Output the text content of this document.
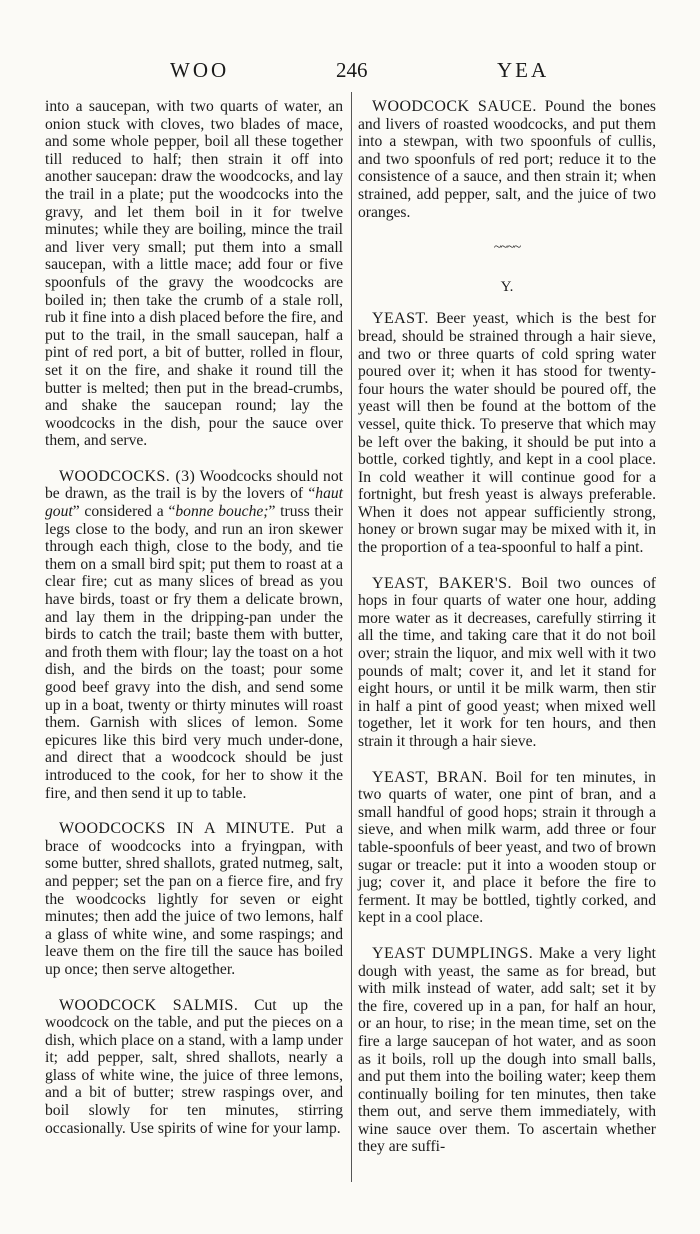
WOO	246	YEA

into a saucepan, with two quarts of water, an onion stuck with cloves, two blades of mace, and some whole pepper, boil all these together till reduced to half; then strain it off into another saucepan: draw the woodcocks, and lay the trail in a plate; put the woodcocks into the gravy, and let them boil in it for twelve minutes; while they are boiling, mince the trail and liver very small; put them into a small saucepan, with a little mace; add four or five spoonfuls of the gravy the woodcocks are boiled in; then take the crumb of a stale roll, rub it fine into a dish placed before the fire, and put to the trail, in the small saucepan, half a pint of red port, a bit of butter, rolled in flour, set it on the fire, and shake it round till the butter is melted; then put in the bread-crumbs, and shake the saucepan round; lay the woodcocks in the dish, pour the sauce over them, and serve.

WOODCOCKS. (3) Woodcocks should not be drawn, as the trail is by the lovers of “haut gout” considered a “bonne bouche;” truss their legs close to the body, and run an iron skewer through each thigh, close to the body, and tie them on a small bird spit; put them to roast at a clear fire; cut as many slices of bread as you have birds, toast or fry them a delicate brown, and lay them in the dripping-pan under the birds to catch the trail; baste them with butter, and froth them with flour; lay the toast on a hot dish, and the birds on the toast; pour some good beef gravy into the dish, and send some up in a boat, twenty or thirty minutes will roast them. Garnish with slices of lemon. Some epicures like this bird very much under-done, and direct that a woodcock should be just introduced to the cook, for her to show it the fire, and then send it up to table.

WOODCOCKS IN A MINUTE. Put a brace of woodcocks into a fryingpan, with some butter, shred shallots, grated nutmeg, salt, and pepper; set the pan on a fierce fire, and fry the woodcocks lightly for seven or eight minutes; then add the juice of two lemons, half a glass of white wine, and some raspings; and leave them on the fire till the sauce has boiled up once; then serve altogether.

WOODCOCK SALMIS. Cut up the woodcock on the table, and put the pieces on a dish, which place on a stand, with a lamp under it; add pepper, salt, shred shallots, nearly a glass of white wine, the juice of three lemons, and a bit of butter; strew raspings over, and boil slowly for ten minutes, stirring occasionally. Use spirits of wine for your lamp.

WOODCOCK SAUCE. Pound the bones and livers of roasted woodcocks, and put them into a stewpan, with two spoonfuls of cullis, and two spoonfuls of red port; reduce it to the consistence of a sauce, and then strain it; when strained, add pepper, salt, and the juice of two oranges.

~~~~
Y.

YEAST. Beer yeast, which is the best for bread, should be strained through a hair sieve, and two or three quarts of cold spring water poured over it; when it has stood for twenty-four hours the water should be poured off, the yeast will then be found at the bottom of the vessel, quite thick. To preserve that which may be left over the baking, it should be put into a bottle, corked tightly, and kept in a cool place. In cold weather it will continue good for a fortnight, but fresh yeast is always preferable. When it does not appear sufficiently strong, honey or brown sugar may be mixed with it, in the proportion of a tea-spoonful to half a pint.

YEAST, BAKER'S. Boil two ounces of hops in four quarts of water one hour, adding more water as it decreases, carefully stirring it all the time, and taking care that it do not boil over; strain the liquor, and mix well with it two pounds of malt; cover it, and let it stand for eight hours, or until it be milk warm, then stir in half a pint of good yeast; when mixed well together, let it work for ten hours, and then strain it through a hair sieve.

YEAST, BRAN. Boil for ten minutes, in two quarts of water, one pint of bran, and a small handful of good hops; strain it through a sieve, and when milk warm, add three or four table-spoonfuls of beer yeast, and two of brown sugar or treacle: put it into a wooden stoup or jug; cover it, and place it before the fire to ferment. It may be bottled, tightly corked, and kept in a cool place.

YEAST DUMPLINGS. Make a very light dough with yeast, the same as for bread, but with milk instead of water, add salt; set it by the fire, covered up in a pan, for half an hour, or an hour, to rise; in the mean time, set on the fire a large saucepan of hot water, and as soon as it boils, roll up the dough into small balls, and put them into the boiling water; keep them continually boiling for ten minutes, then take them out, and serve them immediately, with wine sauce over them. To ascertain whether they are suffi-
